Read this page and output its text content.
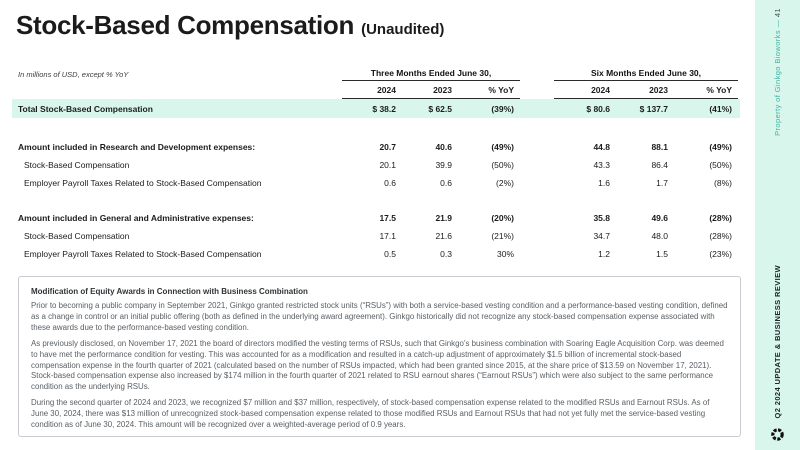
Stock-Based Compensation (Unaudited)
In millions of USD, except % YoY	Three Months Ended June 30,	Six Months Ended June 30,
2024	2023	% YoY	2024	2023	% YoY
Total Stock-Based Compensation	$ 38.2	$ 62.5	(39%)	$ 80.6	$ 137.7	(41%)
Amount included in Research and Development expenses:	20.7	40.6	(49%)	44.8	88.1	(49%)
Stock-Based Compensation	20.1	39.9	(50%)	43.3	86.4	(50%)
Employer Payroll Taxes Related to Stock-Based Compensation	0.6	0.6	(2%)	1.6	1.7	(8%)
Amount included in General and Administrative expenses:	17.5	21.9	(20%)	35.8	49.6	(28%)
Stock-Based Compensation	17.1	21.6	(21%)	34.7	48.0	(28%)
Employer Payroll Taxes Related to Stock-Based Compensation	0.5	0.3	30%	1.2	1.5	(23%)
Modification of Equity Awards in Connection with Business Combination

Prior to becoming a public company in September 2021, Ginkgo granted restricted stock units (“RSUs”) with both a service-based vesting condition and a performance-based vesting condition, defined as a change in control or an initial public offering (both as defined in the underlying award agreement). Ginkgo historically did not recognize any stock-based compensation expense associated with these awards due to the performance-based vesting condition.

As previously disclosed, on November 17, 2021 the board of directors modified the vesting terms of RSUs, such that Ginkgo’s business combination with Soaring Eagle Acquisition Corp. was deemed to have met the performance condition for vesting. This was accounted for as a modification and resulted in a catch-up adjustment of approximately $1.5 billion of incremental stock-based compensation expense in the fourth quarter of 2021 (calculated based on the number of RSUs impacted, which had been granted since 2015, at the share price of $13.59 on November 17, 2021). Stock-based compensation expense also increased by $174 million in the fourth quarter of 2021 related to RSU earnout shares (“Earnout RSUs”) which were also subject to the same performance condition as the underlying RSUs.

During the second quarter of 2024 and 2023, we recognized $7 million and $37 million, respectively, of stock-based compensation expense related to the modified RSUs and Earnout RSUs. As of June 30, 2024, there was $13 million of unrecognized stock-based compensation expense related to those modified RSUs and Earnout RSUs that had not yet fully met the service-based vesting condition as of June 30, 2024. This amount will be recognized over a weighted-average period of 0.9 years.

Property of Ginkgo Bioworks — 41
Q2 2024 UPDATE & BUSINESS REVIEW
